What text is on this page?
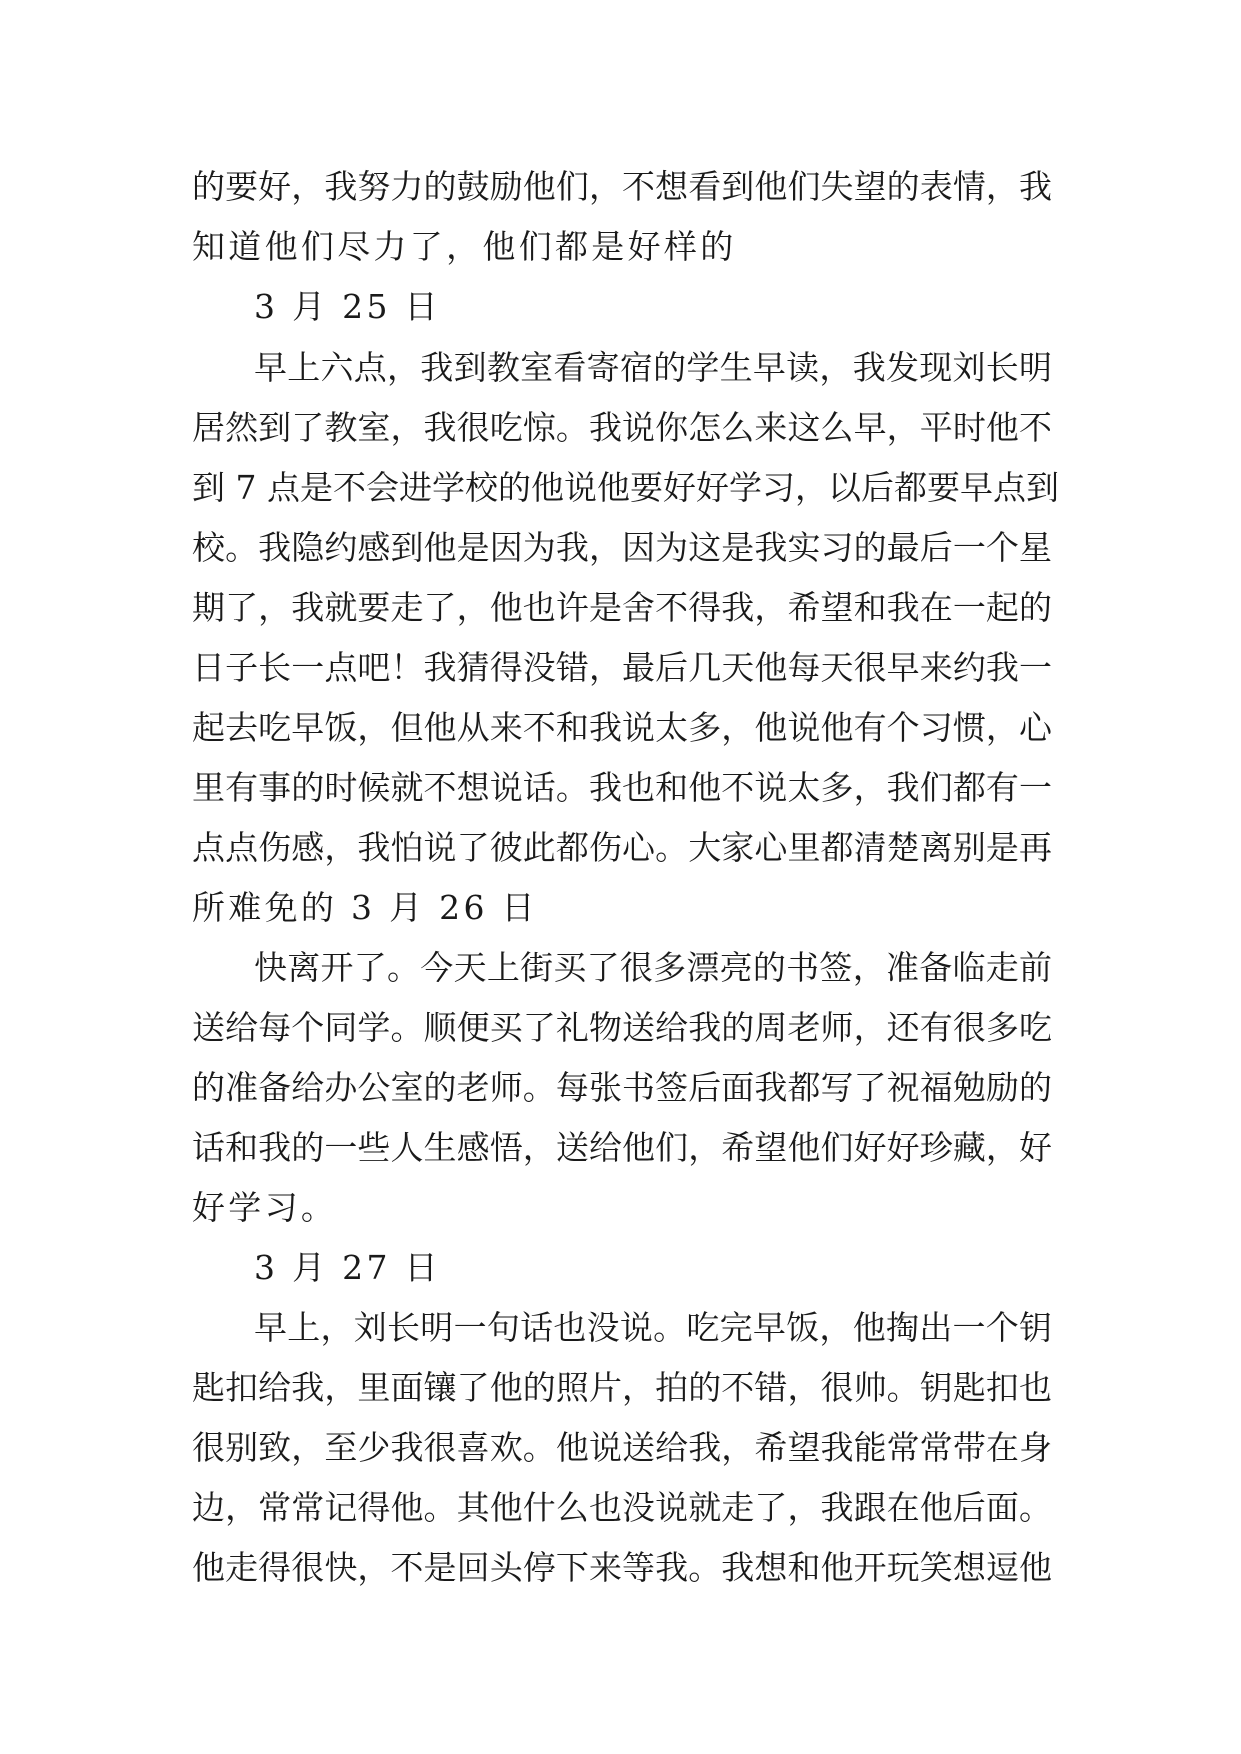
的要好，我努力的鼓励他们，不想看到他们失望的表情，我
知道他们尽力了，他们都是好样的
3 月 25 日
早上六点，我到教室看寄宿的学生早读，我发现刘长明
居然到了教室，我很吃惊。我说你怎么来这么早，平时他不
到 7 点是不会进学校的他说他要好好学习，以后都要早点到
校。我隐约感到他是因为我，因为这是我实习的最后一个星
期了，我就要走了，他也许是舍不得我，希望和我在一起的
日子长一点吧！我猜得没错，最后几天他每天很早来约我一
起去吃早饭，但他从来不和我说太多，他说他有个习惯，心
里有事的时候就不想说话。我也和他不说太多，我们都有一
点点伤感，我怕说了彼此都伤心。大家心里都清楚离别是再
所难免的 3 月 26 日
快离开了。今天上街买了很多漂亮的书签，准备临走前
送给每个同学。顺便买了礼物送给我的周老师，还有很多吃
的准备给办公室的老师。每张书签后面我都写了祝福勉励的
话和我的一些人生感悟，送给他们，希望他们好好珍藏，好
好学习。
3 月 27 日
早上，刘长明一句话也没说。吃完早饭，他掏出一个钥
匙扣给我，里面镶了他的照片，拍的不错，很帅。钥匙扣也
很别致，至少我很喜欢。他说送给我，希望我能常常带在身
边，常常记得他。其他什么也没说就走了，我跟在他后面。
他走得很快，不是回头停下来等我。我想和他开玩笑想逗他
